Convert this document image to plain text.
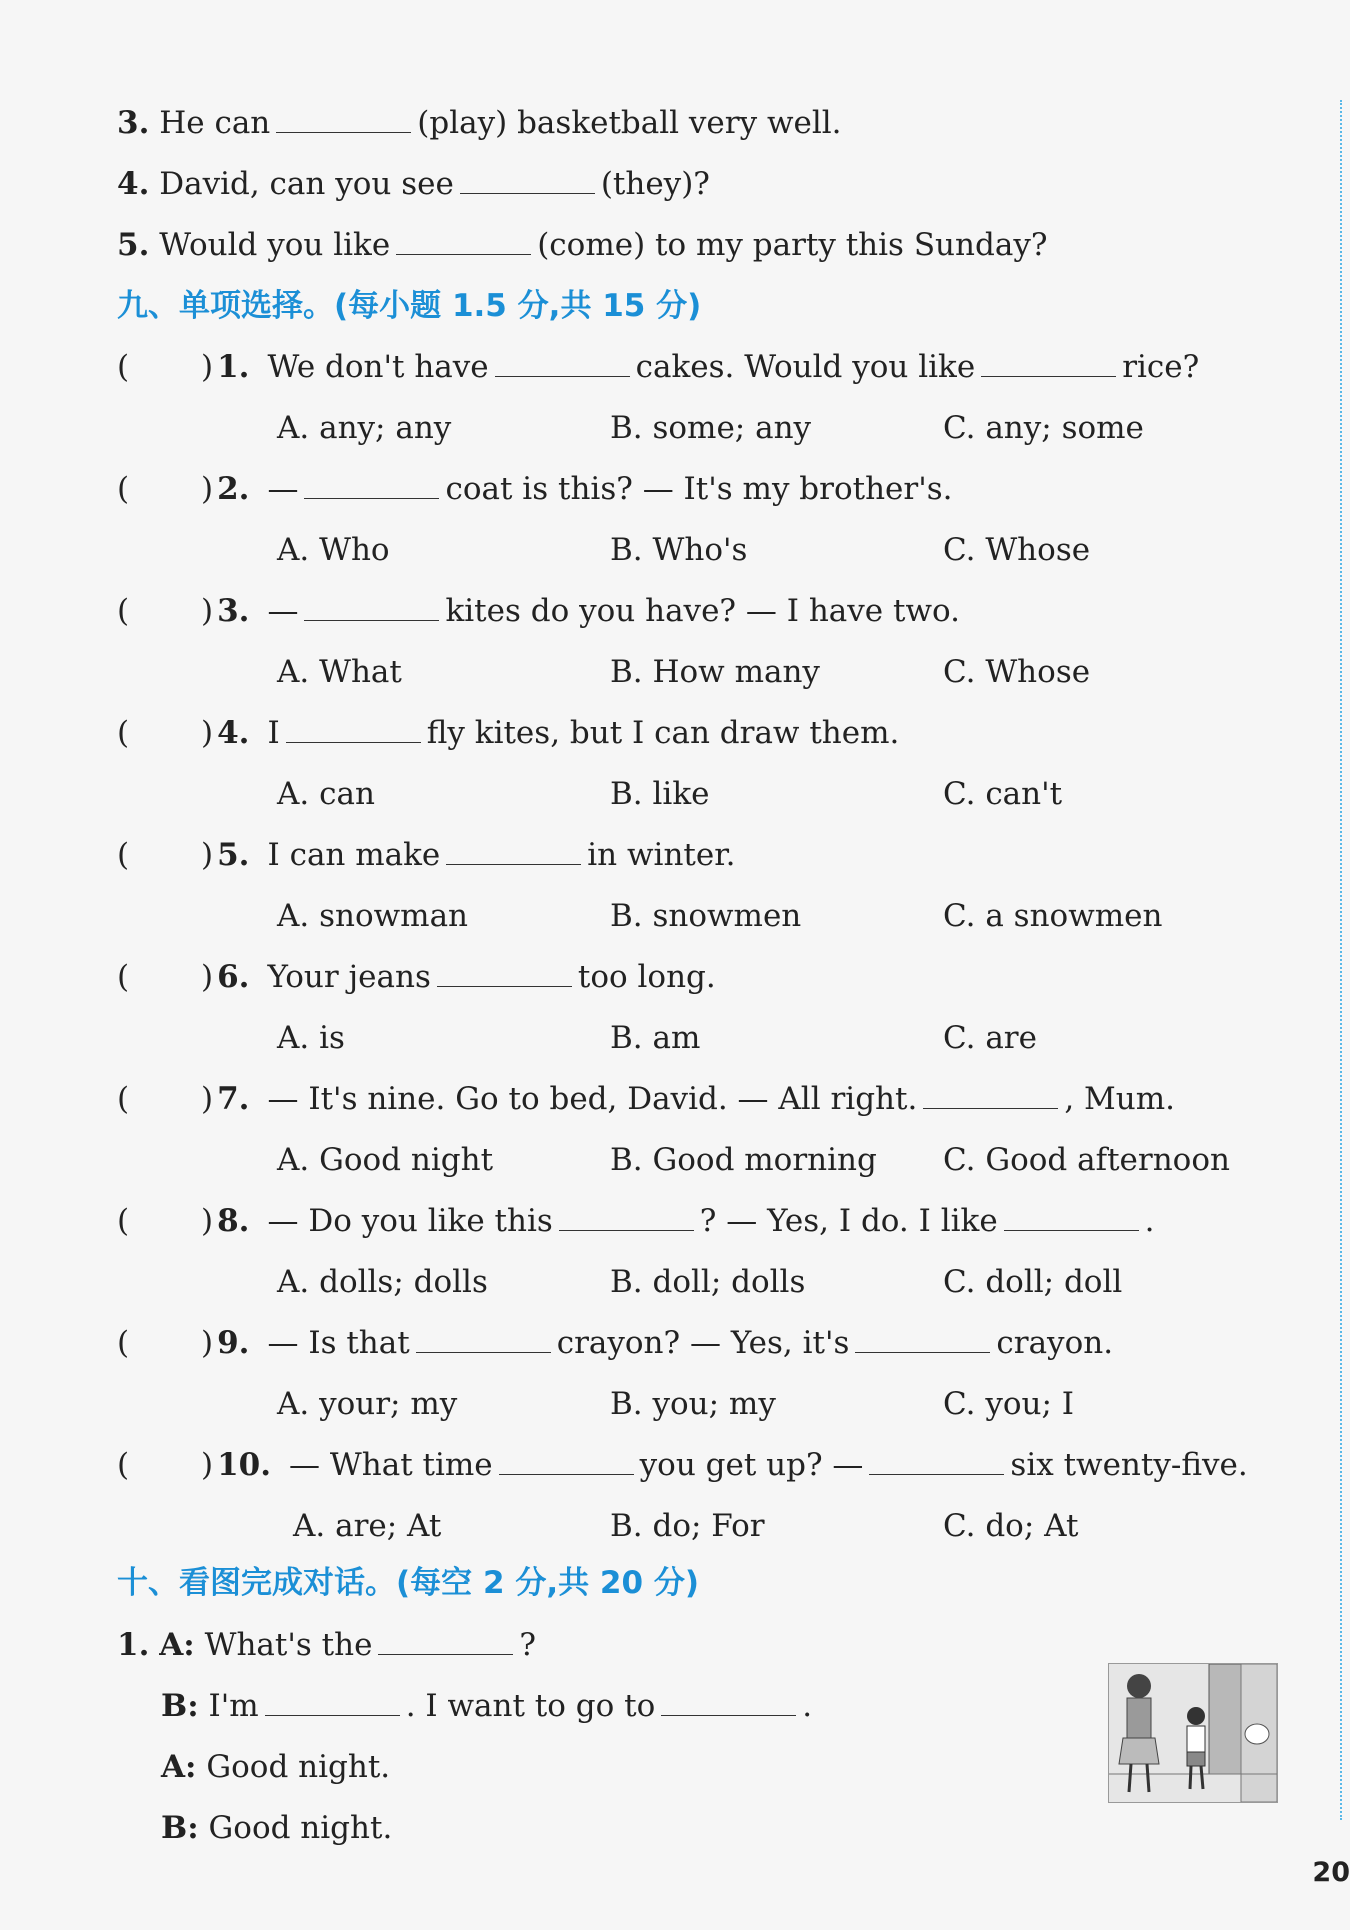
3. He can	(play) basketball very well.
4. David, can you see	(they)?
5. Would you like	(come) to my party this Sunday?
九、单项选择。(每小题 1.5 分,共 15 分)
( ) 1. We don't have	cakes. Would you like	rice?
A. any; any	B. some; any	C. any; some
( ) 2. —	coat is this? — It's my brother's.
A. Who	B. Who's	C. Whose
( ) 3. —	kites do you have? — I have two.
A. What	B. How many	C. Whose
( ) 4. I	fly kites, but I can draw them.
A. can	B. like	C. can't
( ) 5. I can make	in winter.
A. snowman	B. snowmen	C. a snowmen
( ) 6. Your jeans	too long.
A. is	B. am	C. are
( ) 7. — It's nine. Go to bed, David. — All right.	, Mum.
A. Good night	B. Good morning C. Good afternoon
( ) 8. — Do you like this	? — Yes, I do. I like	.
A. dolls; dolls	B. doll; dolls	C. doll; doll
( ) 9. — Is that	crayon? — Yes, it's	crayon.
A. your; my	B. you; my	C. you; I
( ) 10. — What time	you get up? —	six twenty-five.
A. are; At	B. do; For	C. do; At
十、看图完成对话。(每空 2 分,共 20 分)
1. A: What's the	?
B: I'm	. I want to go to	.
A: Good night.
B: Good night.
20
